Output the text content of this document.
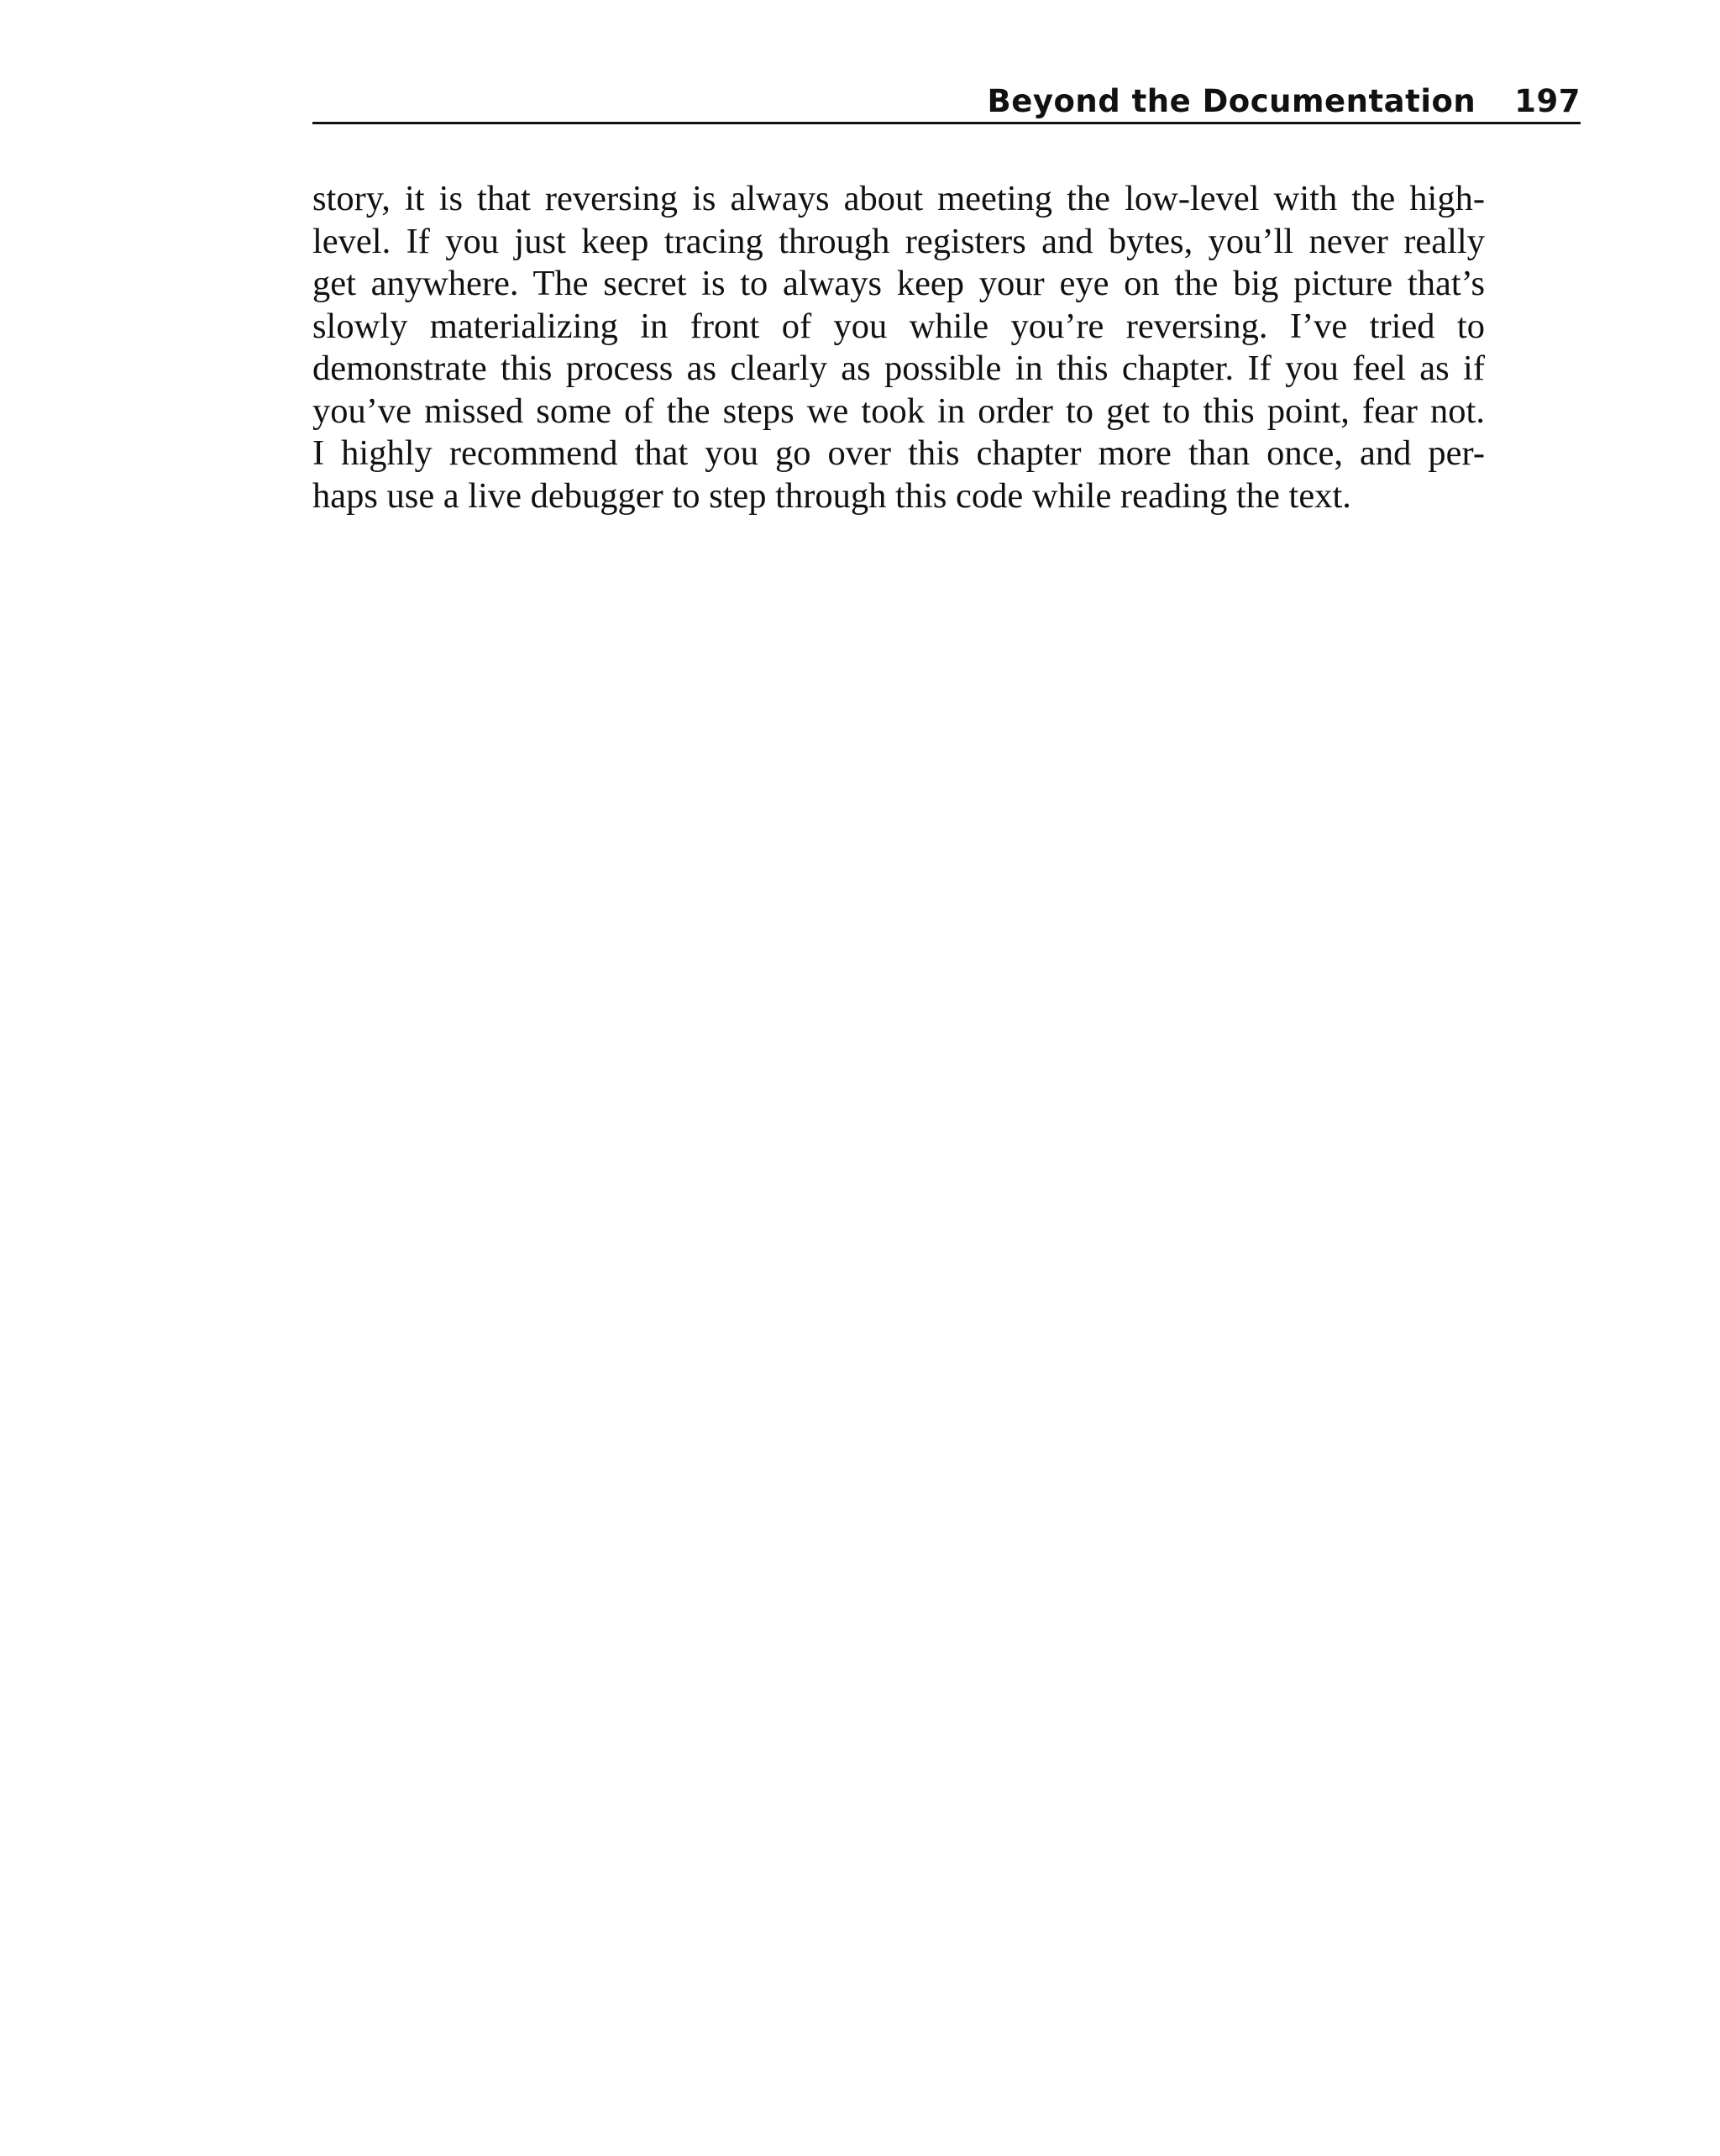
Beyond the Documentation 197
story, it is that reversing is always about meeting the low-level with the high-
level. If you just keep tracing through registers and bytes, you’ll never really
get anywhere. The secret is to always keep your eye on the big picture that’s
slowly materializing in front of you while you’re reversing. I’ve tried to
demonstrate this process as clearly as possible in this chapter. If you feel as if
you’ve missed some of the steps we took in order to get to this point, fear not.
I highly recommend that you go over this chapter more than once, and per-
haps use a live debugger to step through this code while reading the text.
